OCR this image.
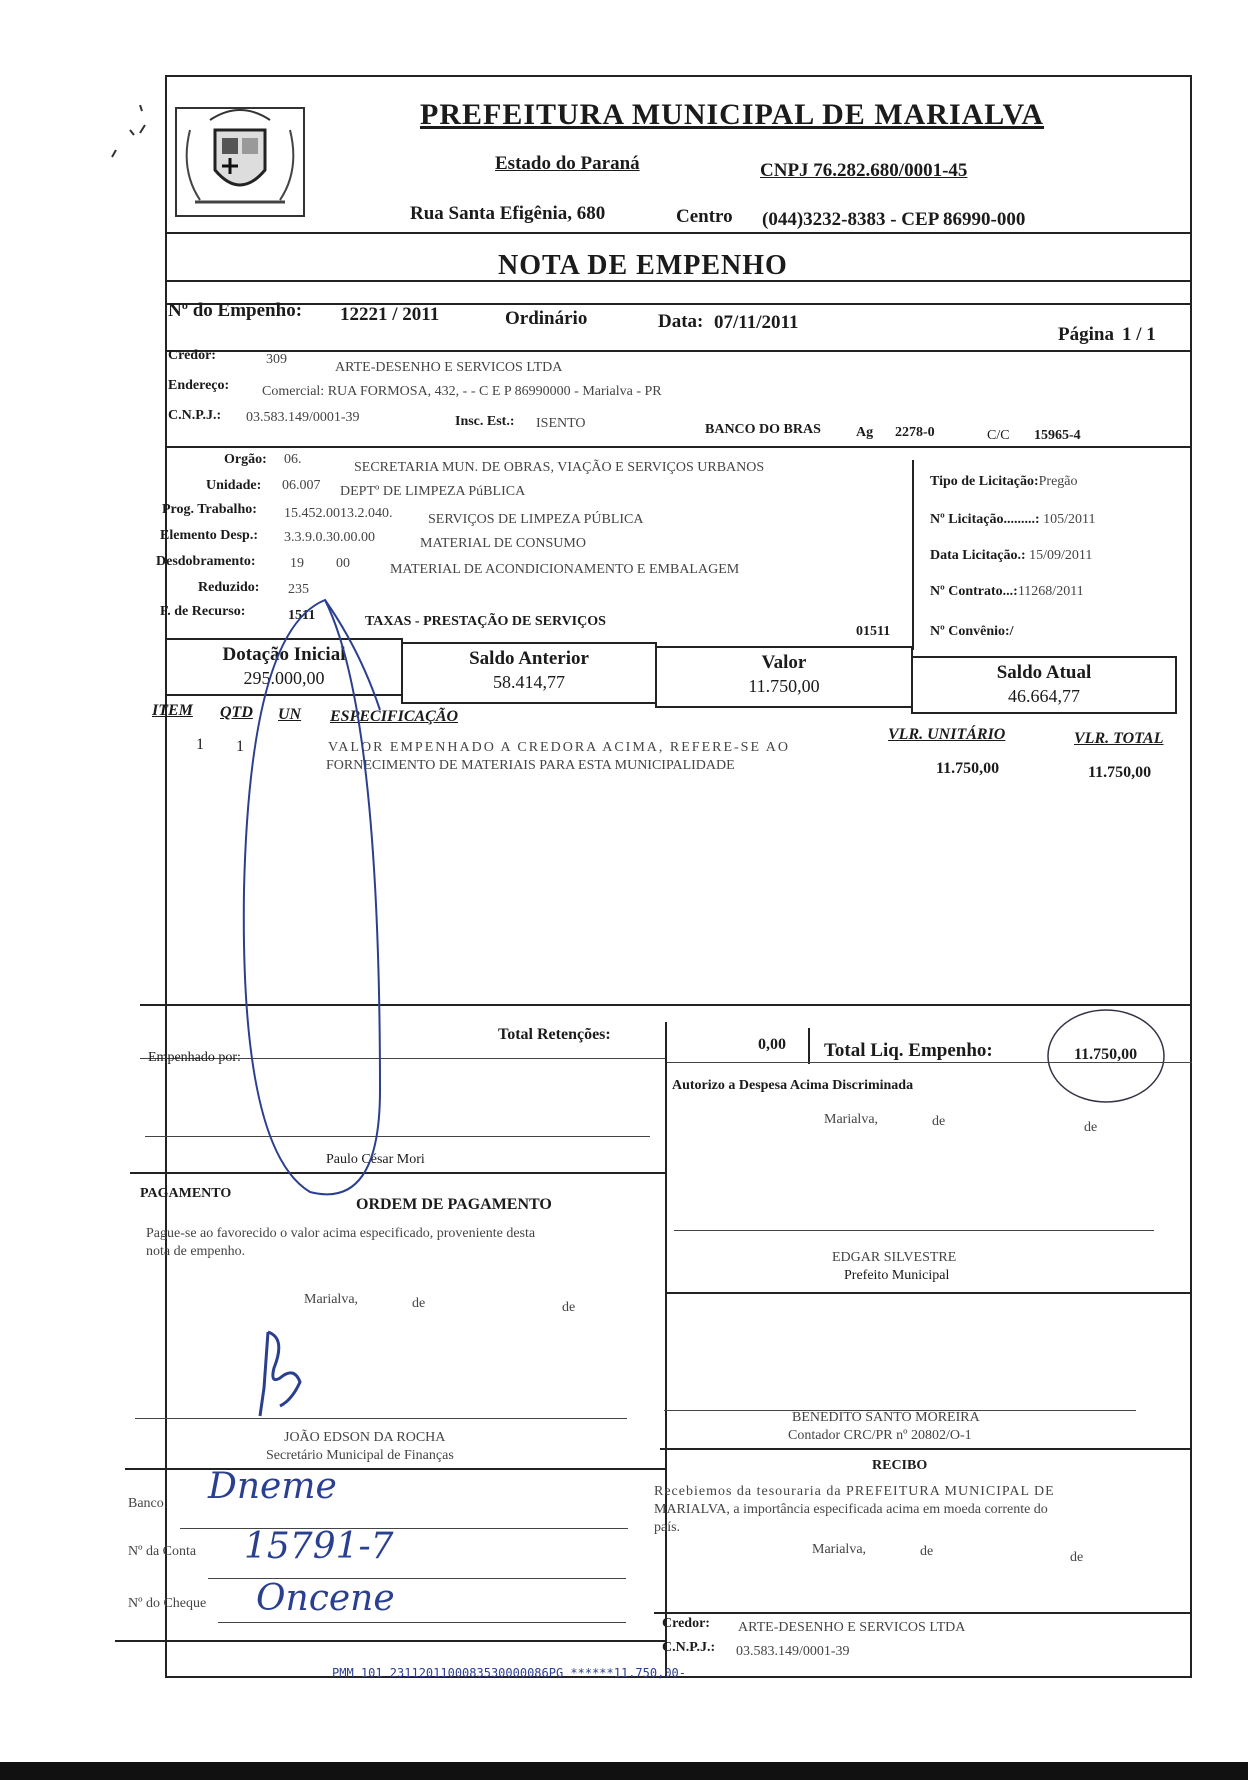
PREFEITURA MUNICIPAL DE MARIALVA
Estado do Paraná	CNPJ 76.282.680/0001-45
Rua Santa Efigênia, 680	Centro (044)3232-8383 - CEP 86990-000
NOTA DE EMPENHO
Nº do Empenho: 12221 / 2011	Ordinário	Data: 07/11/2011
Página 1 / 1
Credor:	309
ARTE-DESENHO E SERVICOS LTDA
Endereço: Comercial: RUA FORMOSA, 432, - - C E P 86990000 - Marialva - PR
C.N.P.J.: 03.583.149/0001-39	Insc. Est.: ISENTO	BANCO DO BRAS	Ag 2278-0	C/C 15965-4
Orgão: 06.
SECRETARIA MUN. DE OBRAS, VIAÇÃO E SERVIÇOS URBANOS
Unidade: 06.007 DEPTº DE LIMPEZA PúBLICA
Prog. Trabalho: 15.452.0013.2.040.	SERVIÇOS DE LIMPEZA PÚBLICA
Elemento Desp.: 3.3.9.0.30.00.00	MATERIAL DE CONSUMO
Desdobramento: 19 00	MATERIAL DE ACONDICIONAMENTO E EMBALAGEM
Reduzido: 235
F. de Recurso:	1511	TAXAS - PRESTAÇÃO DE SERVIÇOS
01511
Tipo de Licitação:Pregão
Nº Licitação.........: 105/2011
Data Licitação.: 15/09/2011
Nº Contrato...:11268/2011
Nº Convênio:/
Dotação Inicial
295.000,00
Saldo Anterior
58.414,77
Valor
11.750,00
Saldo Atual
46.664,77
ITEM QTD UN ESPECIFICAÇÃO
VLR. UNITÁRIO	VLR. TOTAL
1 1	VALOR EMPENHADO A CREDORA ACIMA, REFERE-SE AO
FORNECIMENTO DE MATERIAIS PARA ESTA MUNICIPALIDADE	11.750,00	11.750,00
Total Retenções:
0,00 Total Liq. Empenho:	11.750,00
Empenhado por:
Paulo César Mori
PAGAMENTO
ORDEM DE PAGAMENTO
Pague-se ao favorecido o valor acima especificado, proveniente desta
nota de empenho.
Marialva,	de	de
JOÃO EDSON DA ROCHA
Secretário Municipal de Finanças
Banco Dneme
Nº da Conta 15791-7
Nº do Cheque Oncene
Autorizo a Despesa Acima Discriminada
Marialva,	de	de
EDGAR SILVESTRE
Prefeito Municipal
BENEDITO SANTO MOREIRA
Contador CRC/PR nº 20802/O-1
RECIBO
Recebiemos da tesouraria da PREFEITURA MUNICIPAL DE
MARIALVA, a importância especificada acima em moeda corrente do
país.
Marialva,	de	de
Credor: ARTE-DESENHO E SERVICOS LTDA
C.N.P.J.: 03.583.149/0001-39
PMM 101 2311201100083530000086PG ******11.750,00-
